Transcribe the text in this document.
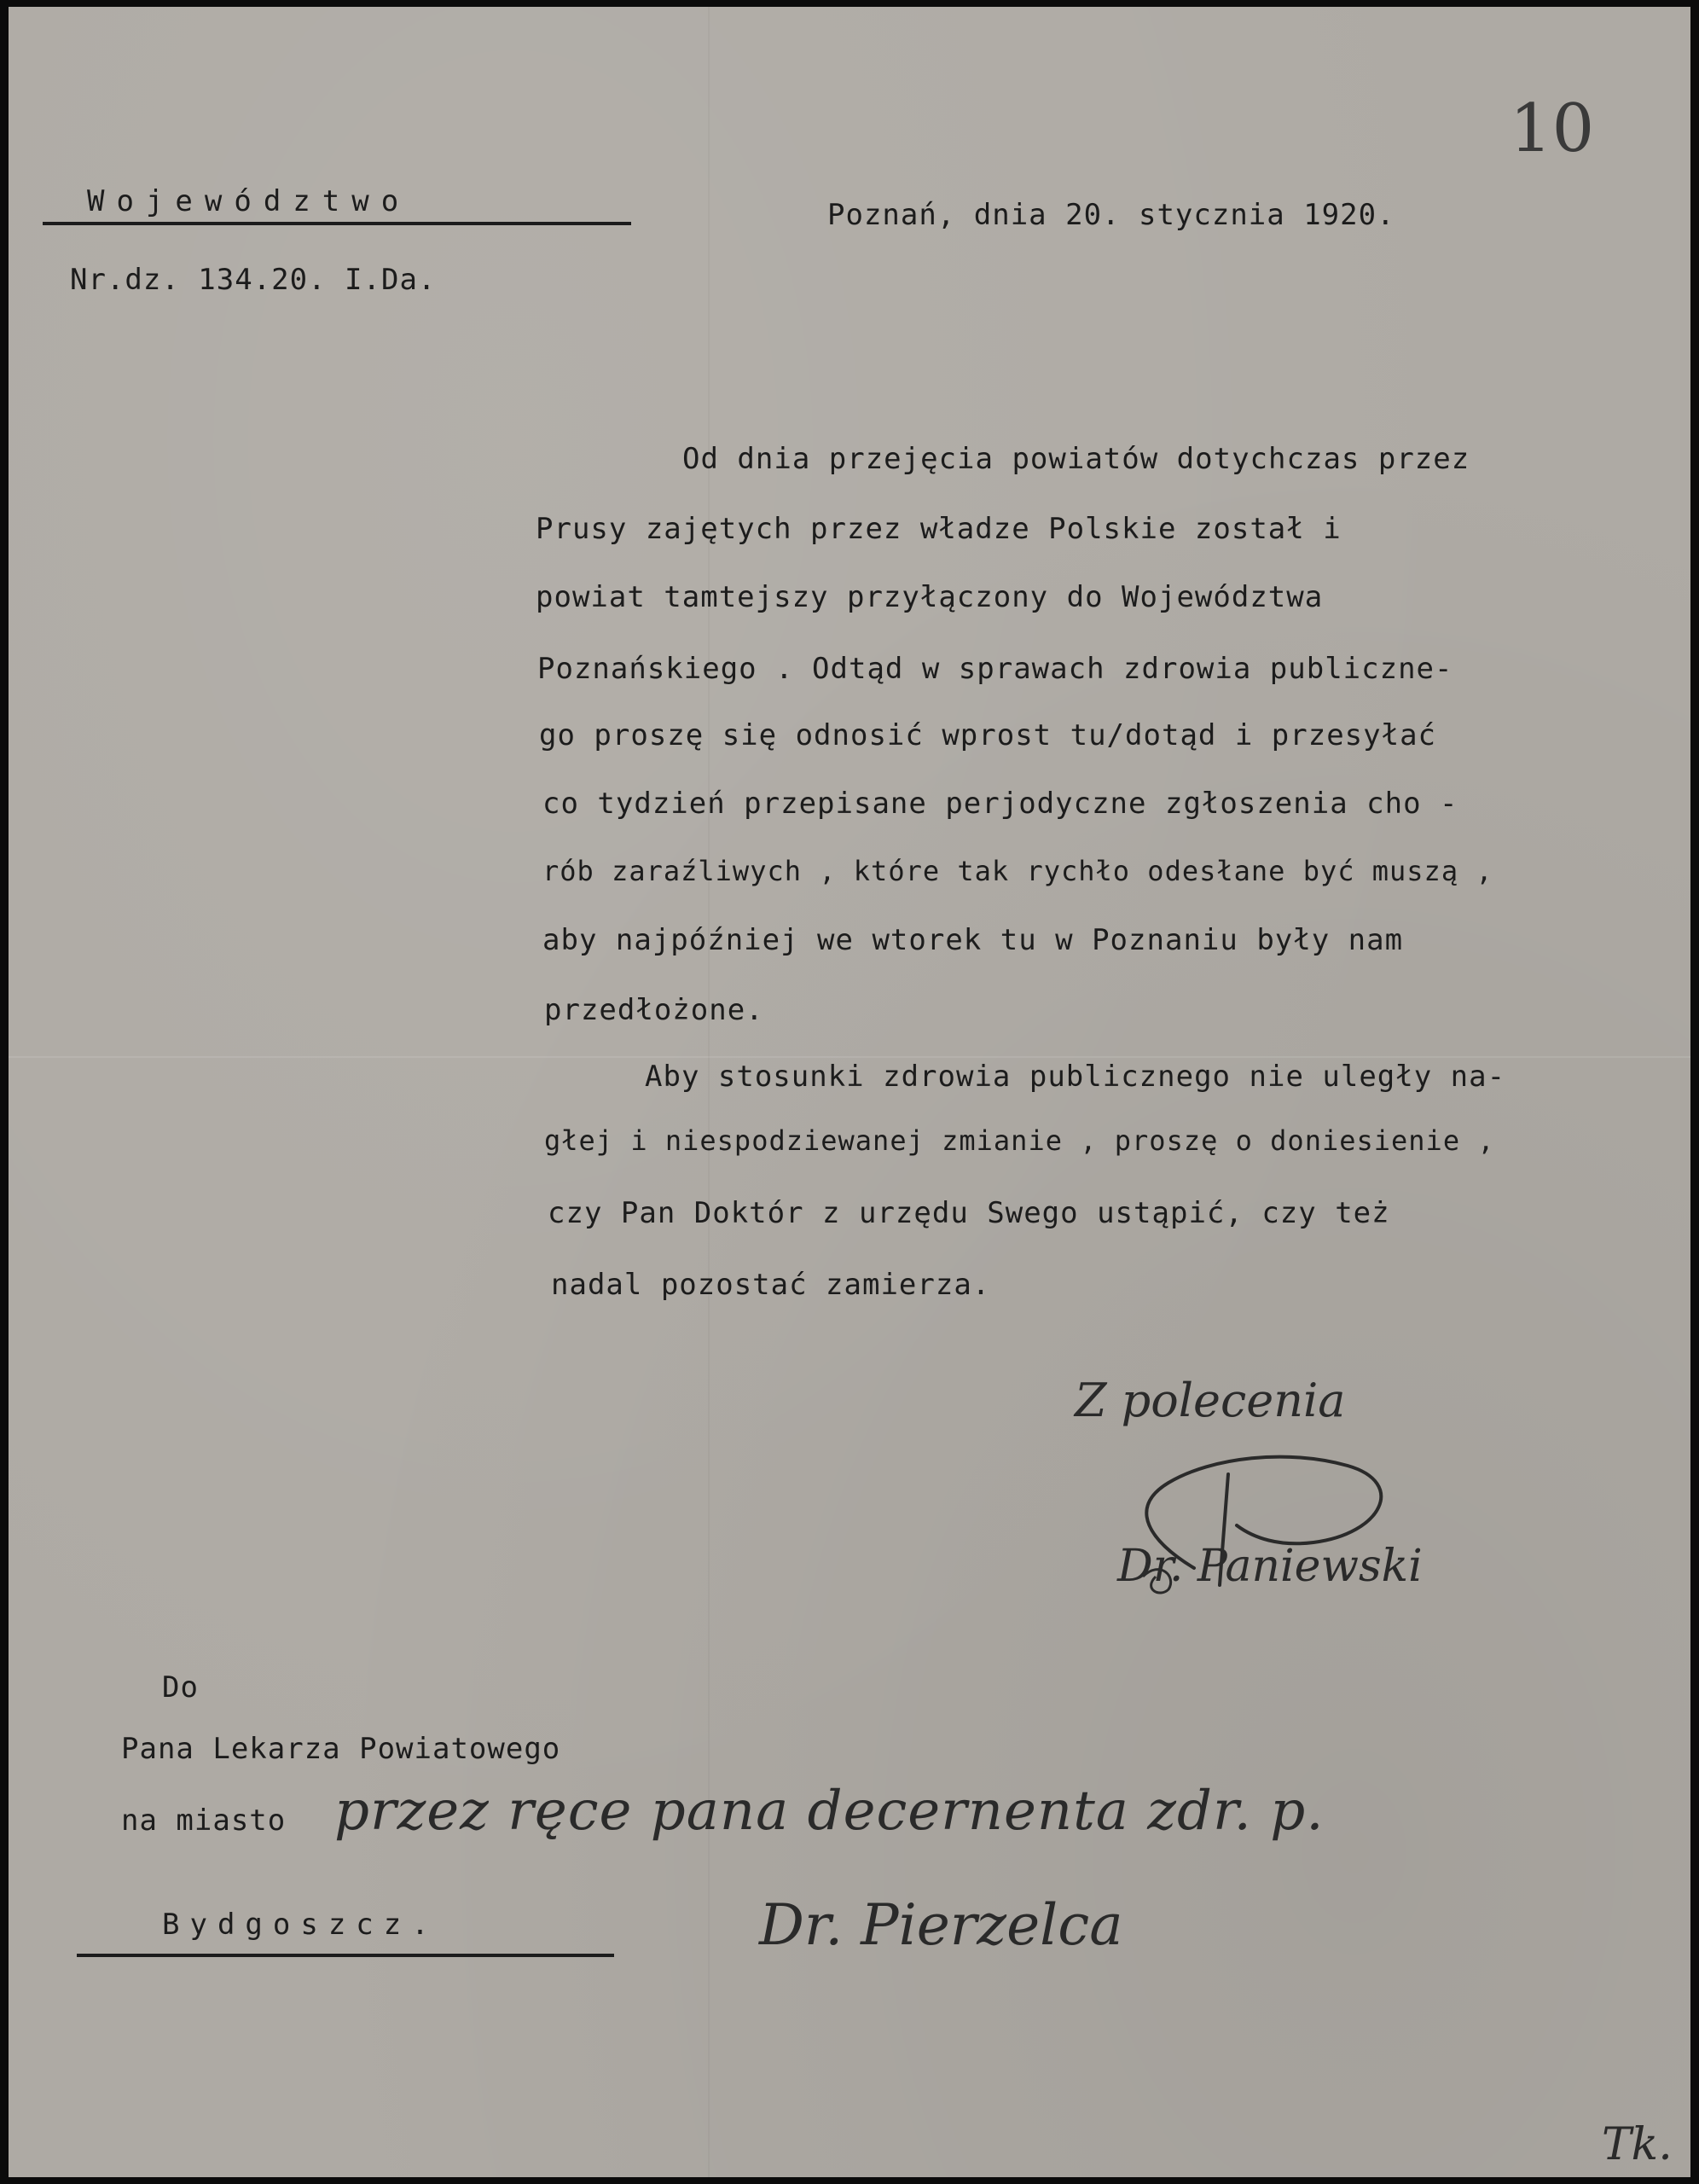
10
Województwo	Poznań, dnia 20. stycznia 1920.
Nr.dz. 134.20. I.Da.
Od dnia przejęcia powiatów dotychczas przez
Prusy zajętych przez władze Polskie został i
powiat tamtejszy przyłączony do Województwa
Poznańskiego . Odtąd w sprawach zdrowia publiczne-
go proszę się odnosić wprost tu/dotąd i przesyłać
co tydzień przepisane perjodyczne zgłoszenia cho -
rób zaraźliwych , które tak rychło odesłane być muszą ,
aby najpóźniej we wtorek tu w Poznaniu były nam
przedłożone.
Aby stosunki zdrowia publicznego nie uległy na-
głej i niespodziewanej zmianie , proszę o doniesienie ,
czy Pan Doktór z urzędu Swego ustąpić, czy też
nadal pozostać zamierza.
Z polecenia
Dr. Paniewski
Do
Pana Lekarza Powiatowego
na miasto przez ręce pana decernenta zdr. p.
Bydgoszcz.	Dr. Pierzelca
Tk.
